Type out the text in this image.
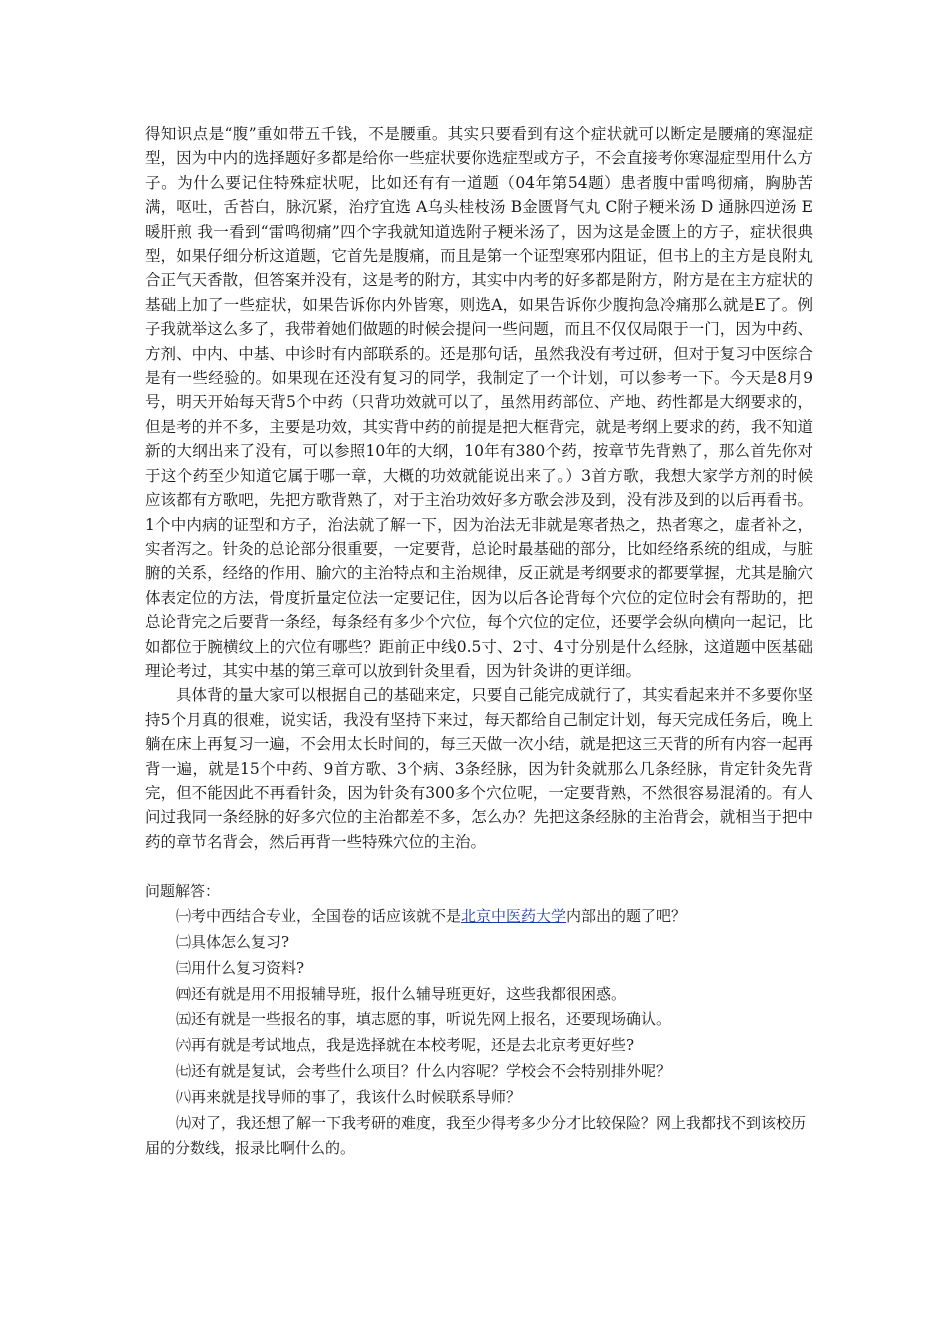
得知识点是“腹”重如带五千钱，不是腰重。其实只要看到有这个症状就可以断定是腰痛的寒湿症型，因为中内的选择题好多都是给你一些症状要你选症型或方子，不会直接考你寒湿症型用什么方子。为什么要记住特殊症状呢，比如还有有一道题（04年第54题）患者腹中雷鸣彻痛，胸胁苦满，呕吐，舌苔白，脉沉紧，治疗宜选 A乌头桂枝汤 B金匮肾气丸 C附子粳米汤 D 通脉四逆汤 E 暖肝煎 我一看到“雷鸣彻痛”四个字我就知道选附子粳米汤了，因为这是金匮上的方子，症状很典型，如果仔细分析这道题，它首先是腹痛，而且是第一个证型寒邪内阻证，但书上的主方是良附丸合正气天香散，但答案并没有，这是考的附方，其实中内考的好多都是附方，附方是在主方症状的基础上加了一些症状，如果告诉你内外皆寒，则选A，如果告诉你少腹拘急冷痛那么就是E了。例子我就举这么多了，我带着她们做题的时候会提问一些问题，而且不仅仅局限于一门，因为中药、方剂、中内、中基、中诊时有内部联系的。还是那句话，虽然我没有考过研，但对于复习中医综合是有一些经验的。如果现在还没有复习的同学，我制定了一个计划，可以参考一下。今天是8月9号，明天开始每天背5个中药（只背功效就可以了，虽然用药部位、产地、药性都是大纲要求的，但是考的并不多，主要是功效，其实背中药的前提是把大框背完，就是考纲上要求的药，我不知道新的大纲出来了没有，可以参照10年的大纲，10年有380个药，按章节先背熟了，那么首先你对于这个药至少知道它属于哪一章，大概的功效就能说出来了。）3首方歌，我想大家学方剂的时候应该都有方歌吧，先把方歌背熟了，对于主治功效好多方歌会涉及到，没有涉及到的以后再看书。1个中内病的证型和方子，治法就了解一下，因为治法无非就是寒者热之，热者寒之，虚者补之，实者泻之。针灸的总论部分很重要，一定要背，总论时最基础的部分，比如经络系统的组成，与脏腑的关系，经络的作用、腧穴的主治特点和主治规律，反正就是考纲要求的都要掌握，尤其是腧穴体表定位的方法，骨度折量定位法一定要记住，因为以后各论背每个穴位的定位时会有帮助的，把总论背完之后要背一条经，每条经有多少个穴位，每个穴位的定位，还要学会纵向横向一起记，比如都位于腕横纹上的穴位有哪些？距前正中线0.5寸、2寸、4寸分别是什么经脉，这道题中医基础理论考过，其实中基的第三章可以放到针灸里看，因为针灸讲的更详细。

具体背的量大家可以根据自己的基础来定，只要自己能完成就行了，其实看起来并不多要你坚持5个月真的很难，说实话，我没有坚持下来过，每天都给自己制定计划，每天完成任务后，晚上躺在床上再复习一遍，不会用太长时间的，每三天做一次小结，就是把这三天背的所有内容一起再背一遍，就是15个中药、9首方歌、3个病、3条经脉，因为针灸就那么几条经脉，肯定针灸先背完，但不能因此不再看针灸，因为针灸有300多个穴位呢，一定要背熟，不然很容易混淆的。有人问过我同一条经脉的好多穴位的主治都差不多，怎么办？先把这条经脉的主治背会，就相当于把中药的章节名背会，然后再背一些特殊穴位的主治。

问题解答：

㈠考中西结合专业，全国卷的话应该就不是北京中医药大学内部出的题了吧？

㈡具体怎么复习?

㈢用什么复习资料?

㈣还有就是用不用报辅导班，报什么辅导班更好，这些我都很困惑。

㈤还有就是一些报名的事，填志愿的事，听说先网上报名，还要现场确认。

㈥再有就是考试地点，我是选择就在本校考呢，还是去北京考更好些?

㈦还有就是复试，会考些什么项目？什么内容呢？学校会不会特别排外呢？

㈧再来就是找导师的事了，我该什么时候联系导师？

㈨对了，我还想了解一下我考研的难度，我至少得考多少分才比较保险？网上我都找不到该校历届的分数线，报录比啊什么的。
